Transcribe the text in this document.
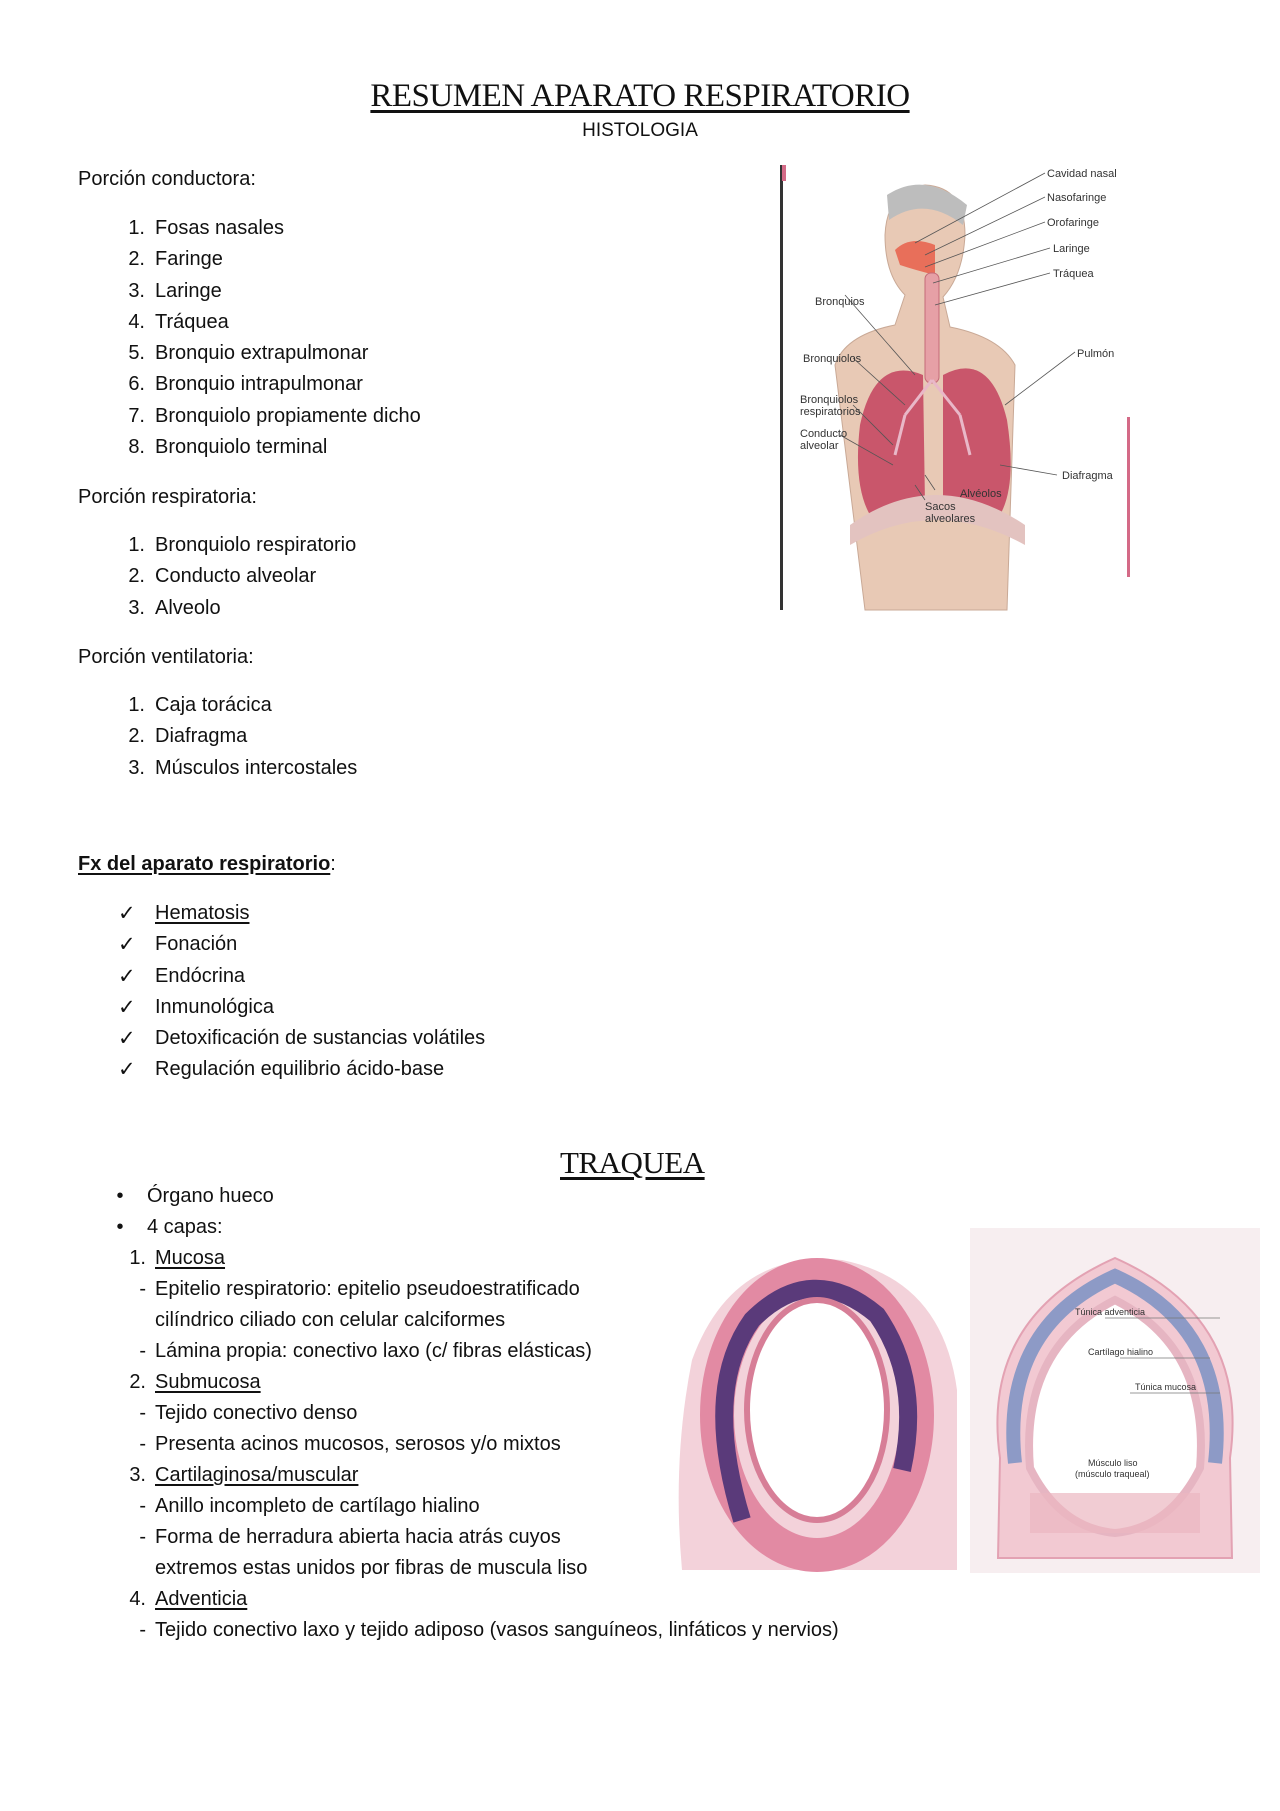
RESUMEN APARATO RESPIRATORIO
HISTOLOGIA
Porción conductora:
1. Fosas nasales
2. Faringe
3. Laringe
4. Tráquea
5. Bronquio extrapulmonar
6. Bronquio intrapulmonar
7. Bronquiolo propiamente dicho
8. Bronquiolo terminal
Porción respiratoria:
1. Bronquiolo respiratorio
2. Conducto alveolar
3. Alveolo
Porción ventilatoria:
1. Caja torácica
2. Diafragma
3. Músculos intercostales
Fx del aparato respiratorio:
✓ Hematosis
✓ Fonación
✓ Endócrina
✓ Inmunológica
✓ Detoxificación de sustancias volátiles
✓ Regulación equilibrio ácido-base
Cavidad nasal
Nasofaringe
Orofaringe
Laringe
Tráquea
Bronquios
Pulmón
Bronquiolos
Bronquiolos
respiratorios
Conducto
alveolar
Diafragma
Alvéolos
Sacos
alveolares
TRAQUEA
•	Órgano hueco
•	4 capas:
1. Mucosa
- Epitelio respiratorio: epitelio pseudoestratificado
cilíndrico ciliado con celular calciformes
- Lámina propia: conectivo laxo (c/ fibras elásticas)
2. Submucosa
- Tejido conectivo denso
- Presenta acinos mucosos, serosos y/o mixtos
3. Cartilaginosa/muscular
- Anillo incompleto de cartílago hialino
- Forma de herradura abierta hacia atrás cuyos
extremos estas unidos por fibras de muscula liso
4. Adventicia
- Tejido conectivo laxo y tejido adiposo (vasos sanguíneos, linfáticos y nervios)
Túnica adventicia
Cartílago hialino
Túnica mucosa
Músculo liso
(músculo traqueal)
